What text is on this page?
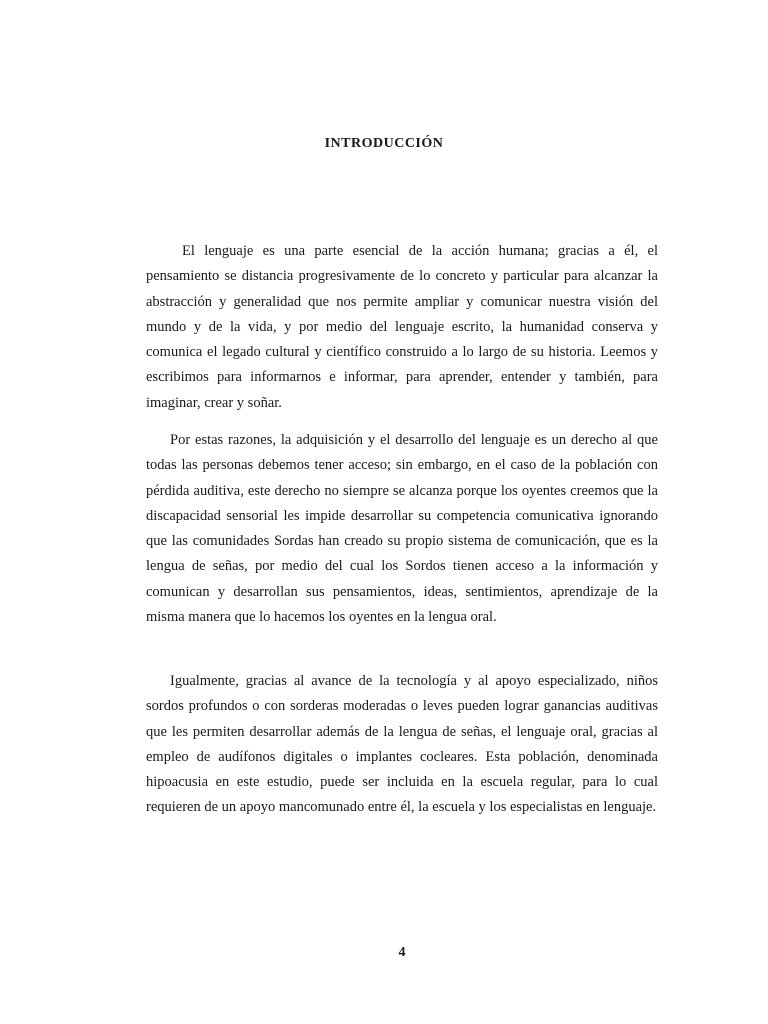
INTRODUCCIÓN

El lenguaje es una parte esencial de la acción humana; gracias a él, el pensamiento se distancia progresivamente de lo concreto y particular para alcanzar la abstracción y generalidad que nos permite ampliar y comunicar nuestra visión del mundo y de la vida, y por medio del lenguaje escrito, la humanidad conserva y comunica el legado cultural y científico construido a lo largo de su historia. Leemos y escribimos para informarnos e informar, para aprender, entender y también, para imaginar, crear y soñar.

Por estas razones, la adquisición y el desarrollo del lenguaje es un derecho al que todas las personas debemos tener acceso; sin embargo, en el caso de la población con pérdida auditiva, este derecho no siempre se alcanza porque los oyentes creemos que la discapacidad sensorial les impide desarrollar su competencia comunicativa ignorando que las comunidades Sordas han creado su propio sistema de comunicación, que es la lengua de señas, por medio del cual los Sordos tienen acceso a la información y comunican y desarrollan sus pensamientos, ideas, sentimientos, aprendizaje de la misma manera que lo hacemos los oyentes en la lengua oral.

Igualmente, gracias al avance de la tecnología y al apoyo especializado, niños sordos profundos o con sorderas moderadas o leves pueden lograr ganancias auditivas que les permiten desarrollar además de la lengua de señas, el lenguaje oral, gracias al empleo de audífonos digitales o implantes cocleares. Esta población, denominada hipoacusia en este estudio, puede ser incluida en la escuela regular, para lo cual requieren de un apoyo mancomunado entre él, la escuela y los especialistas en lenguaje.

4
